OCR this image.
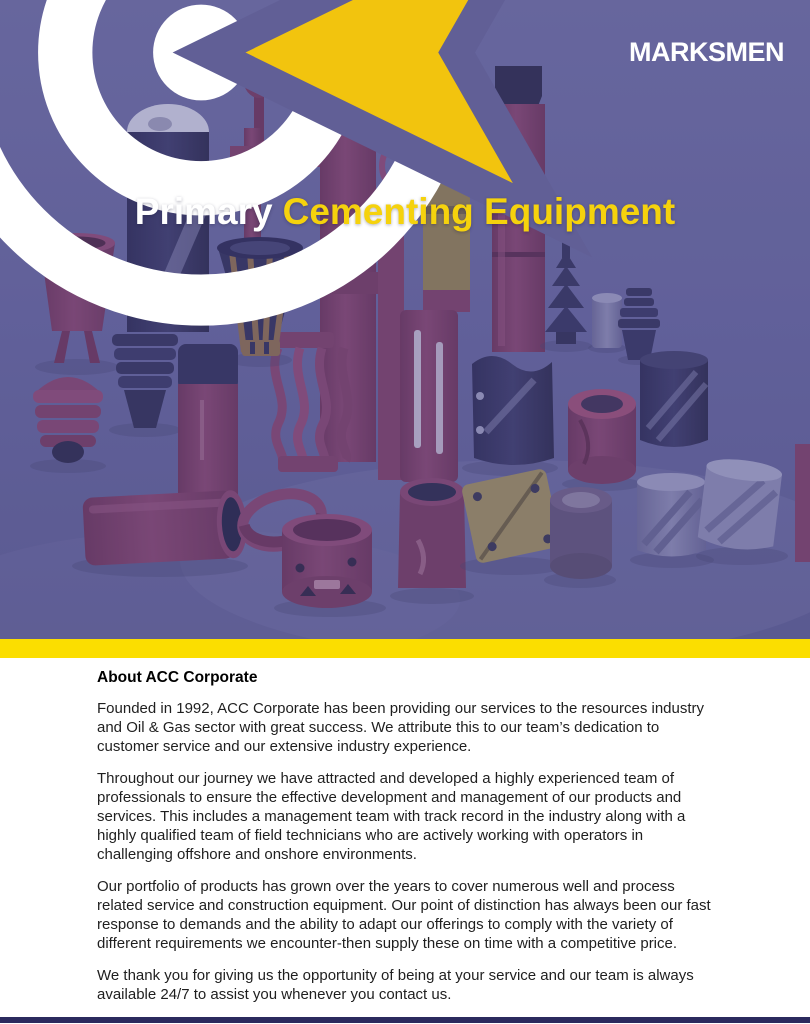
MARKSMEN
Primary Cementing Equipment
About ACC Corporate

Founded in 1992, ACC Corporate has been providing our services to the resources industry and Oil & Gas sector with great success. We attribute this to our team’s dedication to customer service and our extensive industry experience.

Throughout our journey we have attracted and developed a highly experienced team of professionals to ensure the effective development and management of our products and services. This includes a management team with track record in the industry along with a highly qualified team of field technicians who are actively working with operators in challenging offshore and onshore environments.

Our portfolio of products has grown over the years to cover numerous well and process related service and construction equipment. Our point of distinction has always been our fast response to demands and the ability to adapt our offerings to comply with the variety of different requirements we encounter-then supply these on time with a competitive price.

We thank you for giving us the opportunity of being at your service and our team is always available 24/7 to assist you whenever you contact us.
